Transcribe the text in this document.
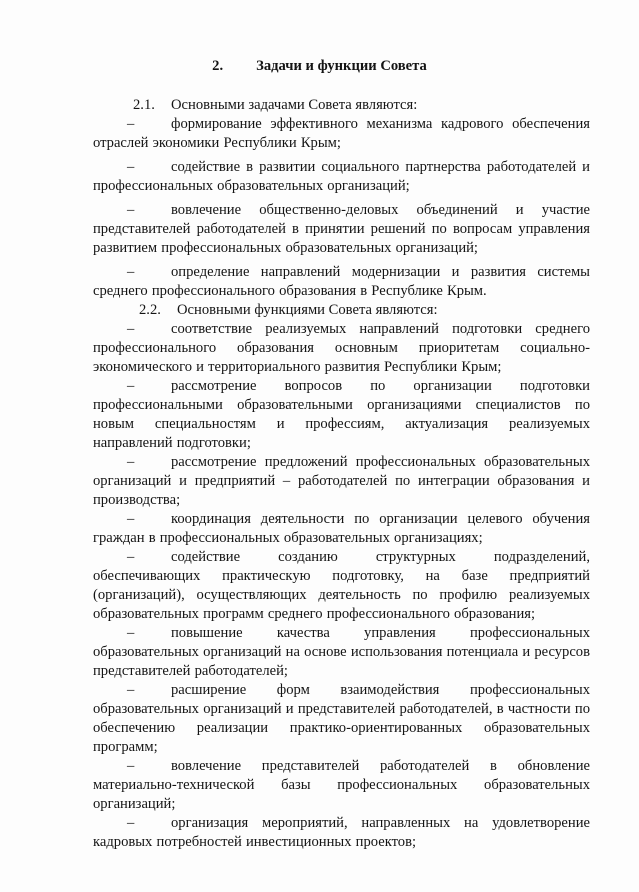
2. Задачи и функции Совета

2.1. Основными задачами Совета являются:

–	формирование эффективного механизма кадрового обеспечения отраслей экономики Республики Крым;

–	содействие в развитии социального партнерства работодателей и профессиональных образовательных организаций;

–	вовлечение общественно-деловых объединений и участие представителей работодателей в принятии решений по вопросам управления развитием профессиональных образовательных организаций;

–	определение направлений модернизации и развития системы среднего профессионального образования в Республике Крым.

2.2. Основными функциями Совета являются:

–	соответствие реализуемых направлений подготовки среднего профессионального образования основным приоритетам социально-экономического и территориального развития Республики Крым;

–	рассмотрение вопросов по организации подготовки профессиональными образовательными организациями специалистов по новым специальностям и профессиям, актуализация реализуемых направлений подготовки;

–	рассмотрение предложений профессиональных образовательных организаций и предприятий – работодателей по интеграции образования и производства;

–	координация деятельности по организации целевого обучения граждан в профессиональных образовательных организациях;

–	содействие созданию структурных подразделений, обеспечивающих практическую подготовку, на базе предприятий (организаций), осуществляющих деятельность по профилю реализуемых образовательных программ среднего профессионального образования;

–	повышение качества управления профессиональных образовательных организаций на основе использования потенциала и ресурсов представителей работодателей;

–	расширение форм взаимодействия профессиональных образовательных организаций и представителей работодателей, в частности по обеспечению реализации практико-ориентированных образовательных программ;

–	вовлечение представителей работодателей в обновление материально-технической базы профессиональных образовательных организаций;

–	организация мероприятий, направленных на удовлетворение кадровых потребностей инвестиционных проектов;
